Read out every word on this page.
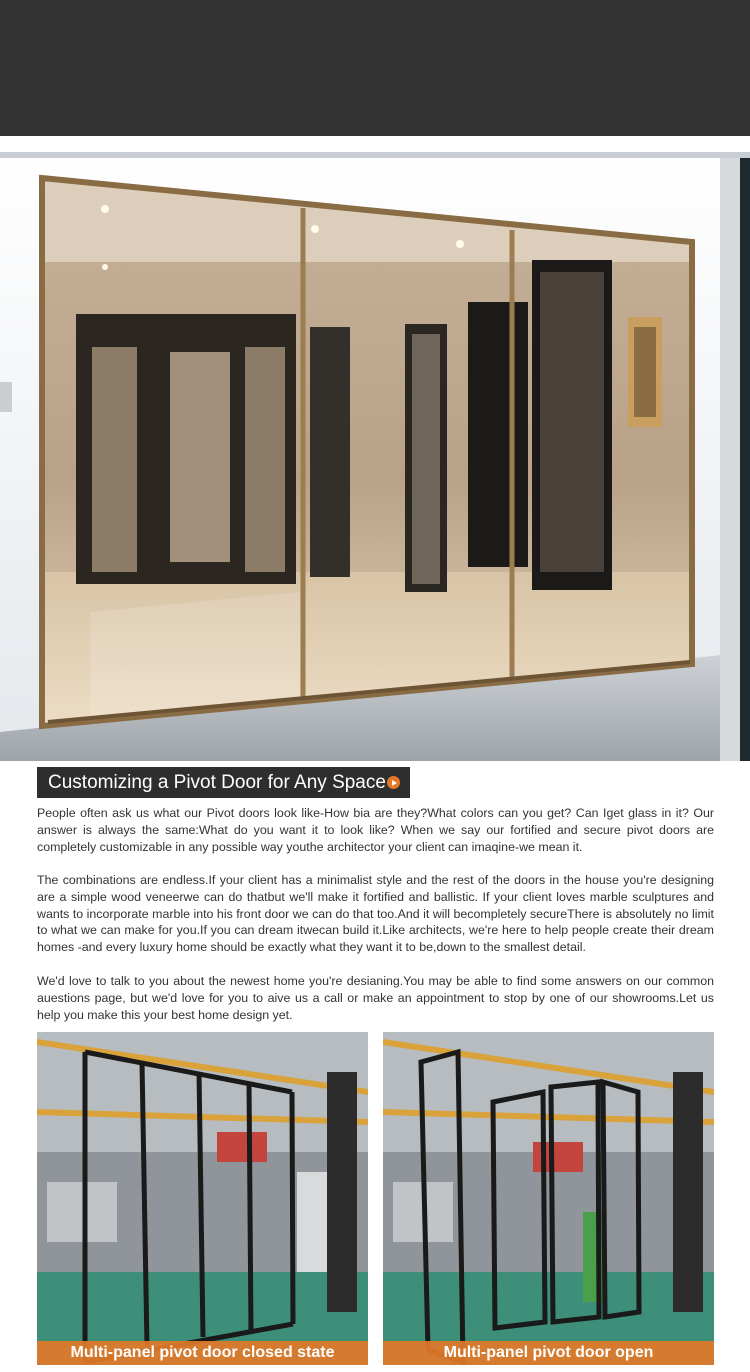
Customizing a Pivot Door for Any Space

People often ask us what our Pivot doors look like-How bia are they?What colors can you get? Can Iget glass in it? Our answer is always the same:What do you want it to look like? When we say our fortified and secure pivot doors are completely customizable in any possible way youthe architector your client can imaqine-we mean it.

The combinations are endless.If your client has a minimalist style and the rest of the doors in the house you're designing are a simple wood veneerwe can do thatbut we'll make it fortified and ballistic. If your client loves marble sculptures and wants to incorporate marble into his front door we can do that too.And it will becompletely secureThere is absolutely no limit to what we can make for you.If you can dream itwecan build it.Like architects, we're here to help people create their dream homes -and every luxury home should be exactly what they want it to be,down to the smallest detail.

We'd love to talk to you about the newest home you're desianing.You may be able to find some answers on our common auestions page, but we'd love for you to aive us a call or make an appointment to stop by one of our showrooms.Let us help you make this your best home design yet.

Multi-panel pivot door closed state	Multi-panel pivot door open
